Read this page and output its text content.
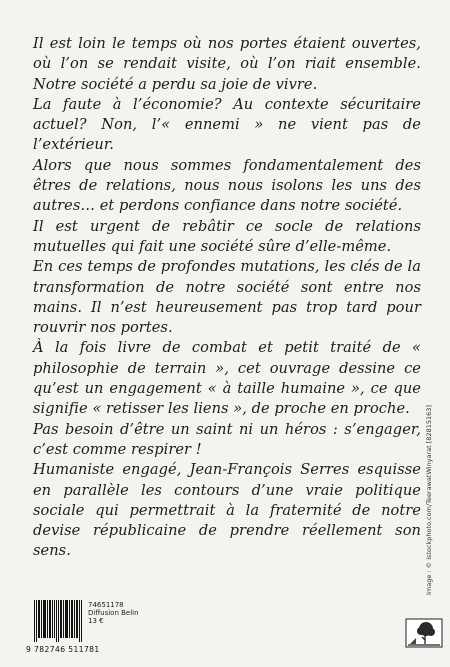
Il est loin le temps où nos portes étaient ouvertes, où l’on se rendait visite, où l’on riait ensemble. Notre société a perdu sa joie de vivre.

La faute à l’économie? Au contexte sécuritaire actuel? Non, l’« ennemi » ne vient pas de l’extérieur.

Alors que nous sommes fondamentalement des êtres de relations, nous nous isolons les uns des autres… et perdons confiance dans notre société.

Il est urgent de rebâtir ce socle de relations mutuelles qui fait une société sûre d’elle-même.

En ces temps de profondes mutations, les clés de la transformation de notre société sont entre nos mains. Il n’est heureusement pas trop tard pour rouvrir nos portes.

À la fois livre de combat et petit traité de « philosophie de terrain », cet ouvrage dessine ce qu’est un engagement « à taille humaine », ce que signifie « retisser les liens », de proche en proche.

Pas besoin d’être un saint ni un héros : s’engager, c’est comme respirer !

Humaniste engagé, Jean-François Serres esquisse en parallèle les contours d’une vraie politique sociale qui permettrait à la fraternité de notre devise républicaine de prendre réellement son sens.	Image : © istockphoto.com/TeerawatWinyarat [82815163]
74651178
Diffusion Belin
13 €
9 782746 511781
